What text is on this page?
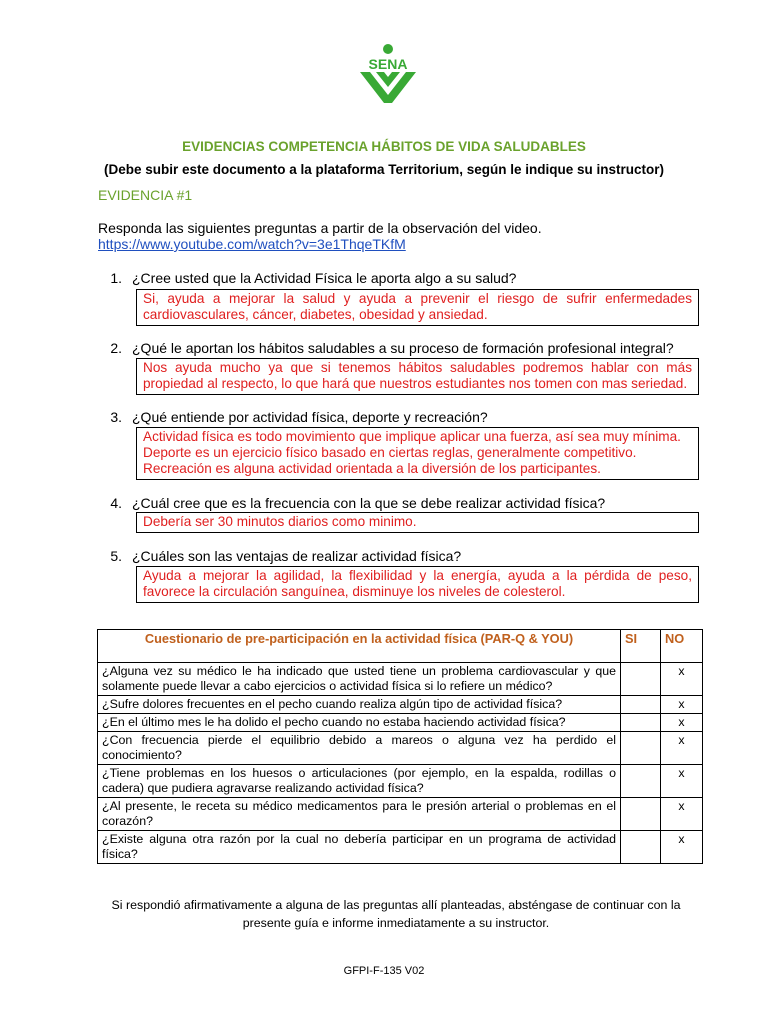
SENA
EVIDENCIAS COMPETENCIA HÁBITOS DE VIDA SALUDABLES
(Debe subir este documento a la plataforma Territorium, según le indique su instructor)
EVIDENCIA #1
Responda las siguientes preguntas a partir de la observación del video.
https://www.youtube.com/watch?v=3e1ThqeTKfM
1. ¿Cree usted que la Actividad Física le aporta algo a su salud?
Si, ayuda a mejorar la salud y ayuda a prevenir el riesgo de sufrir enfermedades
cardiovasculares, cáncer, diabetes, obesidad y ansiedad.
2. ¿Qué le aportan los hábitos saludables a su proceso de formación profesional integral?
Nos ayuda mucho ya que si tenemos hábitos saludables podremos hablar con más
propiedad al respecto, lo que hará que nuestros estudiantes nos tomen con mas seriedad.
3. ¿Qué entiende por actividad física, deporte y recreación?
Actividad física es todo movimiento que implique aplicar una fuerza, así sea muy mínima.
Deporte es un ejercicio físico basado en ciertas reglas, generalmente competitivo.
Recreación es alguna actividad orientada a la diversión de los participantes.
4. ¿Cuál cree que es la frecuencia con la que se debe realizar actividad física?
Debería ser 30 minutos diarios como minimo.
5. ¿Cuáles son las ventajas de realizar actividad física?
Ayuda a mejorar la agilidad, la flexibilidad y la energía, ayuda a la pérdida de peso,
favorece la circulación sanguínea, disminuye los niveles de colesterol.
Cuestionario de pre-participación en la actividad física (PAR-Q & YOU)	SI	NO
¿Alguna vez su médico le ha indicado que usted tiene un problema cardiovascular y que solamente puede llevar a cabo ejercicios o actividad física si lo refiere un médico?		x
¿Sufre dolores frecuentes en el pecho cuando realiza algún tipo de actividad física?		x
¿En el último mes le ha dolido el pecho cuando no estaba haciendo actividad física?		x
¿Con frecuencia pierde el equilibrio debido a mareos o alguna vez ha perdido el conocimiento?		x
¿Tiene problemas en los huesos o articulaciones (por ejemplo, en la espalda, rodillas o cadera) que pudiera agravarse realizando actividad física?		x
¿Al presente, le receta su médico medicamentos para le presión arterial o problemas en el corazón?		x
¿Existe alguna otra razón por la cual no debería participar en un programa de actividad física?		x
Si respondió afirmativamente a alguna de las preguntas allí planteadas, absténgase de continuar con la
presente guía e informe inmediatamente a su instructor.
GFPI-F-135 V02
